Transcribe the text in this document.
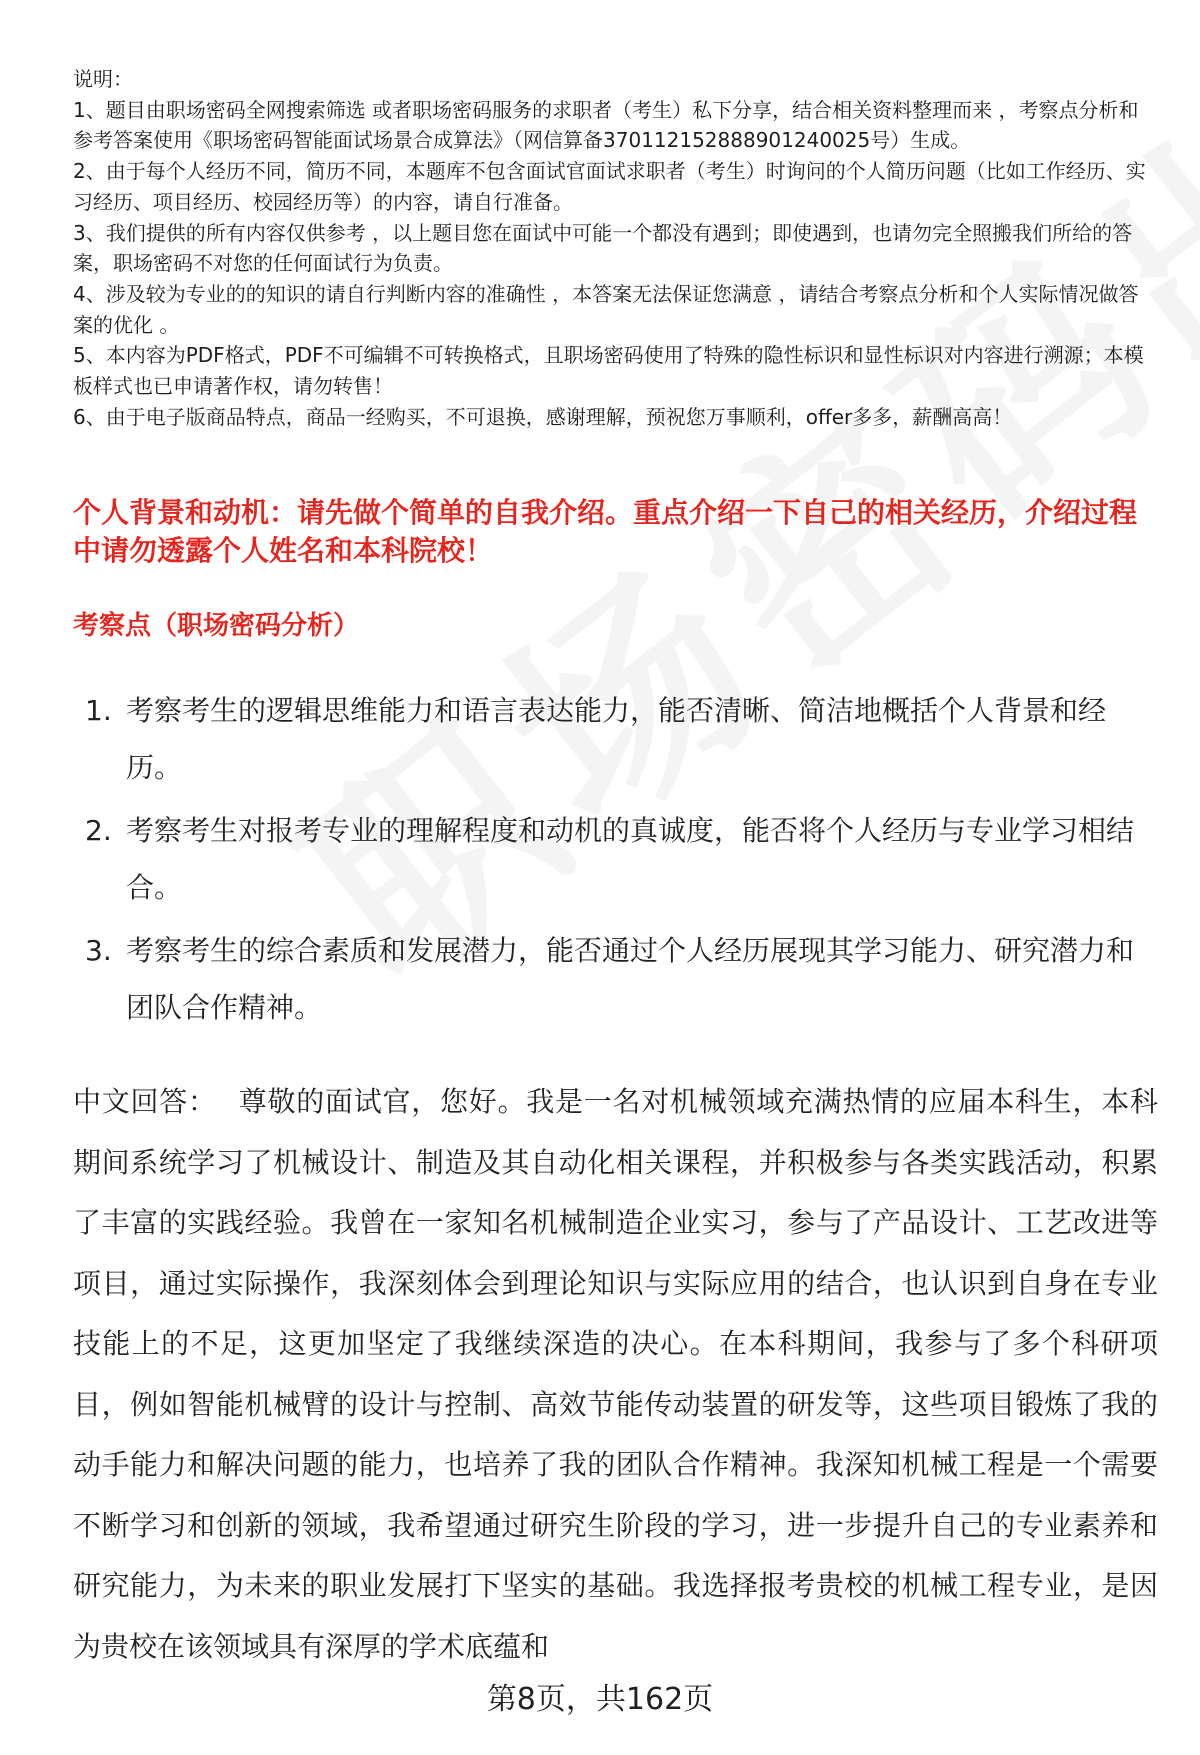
说明：
1、题目由职场密码全网搜索筛选 或者职场密码服务的求职者（考生）私下分享，结合相关资料整理而来 ，考察点分析和参考答案使用《职场密码智能面试场景合成算法》（网信算备370112152888901240025号）生成。
2、由于每个人经历不同，简历不同，本题库不包含面试官面试求职者（考生）时询问的个人简历问题（比如工作经历、实习经历、项目经历、校园经历等）的内容，请自行准备。
3、我们提供的所有内容仅供参考 ，以上题目您在面试中可能一个都没有遇到；即使遇到，也请勿完全照搬我们所给的答案，职场密码不对您的任何面试行为负责。
4、涉及较为专业的的知识的请自行判断内容的准确性 ，本答案无法保证您满意 ，请结合考察点分析和个人实际情况做答案的优化 。
5、本内容为PDF格式，PDF不可编辑不可转换格式，且职场密码使用了特殊的隐性标识和显性标识对内容进行溯源；本模板样式也已申请著作权，请勿转售！
6、由于电子版商品特点，商品一经购买，不可退换，感谢理解，预祝您万事顺利，offer多多，薪酬高高！
个人背景和动机：请先做个简单的自我介绍。重点介绍一下自己的相关经历，介绍过程中请勿透露个人姓名和本科院校！
考察点（职场密码分析）
1. 考察考生的逻辑思维能力和语言表达能力，能否清晰、简洁地概括个人背景和经历。
2. 考察考生对报考专业的理解程度和动机的真诚度，能否将个人经历与专业学习相结合。
3. 考察考生的综合素质和发展潜力，能否通过个人经历展现其学习能力、研究潜力和团队合作精神。
中文回答： 尊敬的面试官，您好。我是一名对机械领域充满热情的应届本科生，本科期间系统学习了机械设计、制造及其自动化相关课程，并积极参与各类实践活动，积累了丰富的实践经验。我曾在一家知名机械制造企业实习，参与了产品设计、工艺改进等项目，通过实际操作，我深刻体会到理论知识与实际应用的结合，也认识到自身在专业技能上的不足，这更加坚定了我继续深造的决心。在本科期间，我参与了多个科研项目，例如智能机械臂的设计与控制、高效节能传动装置的研发等，这些项目锻炼了我的动手能力和解决问题的能力，也培养了我的团队合作精神。我深知机械工程是一个需要不断学习和创新的领域，我希望通过研究生阶段的学习，进一步提升自己的专业素养和研究能力，为未来的职业发展打下坚实的基础。我选择报考贵校的机械工程专业，是因为贵校在该领域具有深厚的学术底蕴和
第8页，共162页
